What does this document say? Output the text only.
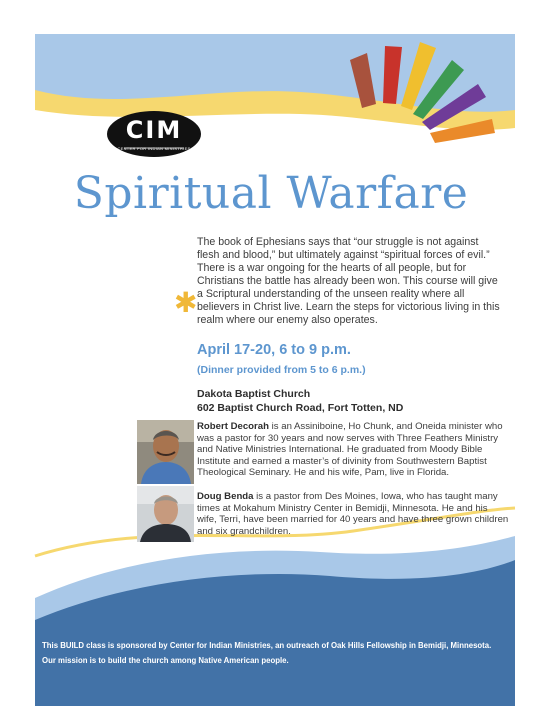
CIM
CENTER FOR INDIAN MINISTRIES
Spiritual Warfare
✱
The book of Ephesians says that “our struggle is not against flesh and blood,” but ultimately against “spiritual forces of evil.” There is a war ongoing for the hearts of all people, but for Christians the battle has already been won. This course will give a Scriptural understanding of the unseen reality where all believers in Christ live. Learn the steps for victorious living in this realm where our enemy also operates.
April 17-20, 6 to 9 p.m.
(Dinner provided from 5 to 6 p.m.)
Dakota Baptist Church
602 Baptist Church Road, Fort Totten, ND
Robert Decorah is an Assiniboine, Ho Chunk, and Oneida minister who was a pastor for 30 years and now serves with Three Feathers Ministry and Native Ministries International. He graduated from Moody Bible Institute and earned a master’s of divinity from Southwestern Baptist Theological Seminary. He and his wife, Pam, live in Florida.
Doug Benda is a pastor from Des Moines, Iowa, who has taught many times at Mokahum Ministry Center in Bemidji, Minnesota. He and his wife, Terri, have been married for 40 years and have three grown children and six grandchildren.
This BUILD class is sponsored by Center for Indian Ministries, an outreach of Oak Hills Fellowship in Bemidji, Minnesota.
Our mission is to build the church among Native American people.
